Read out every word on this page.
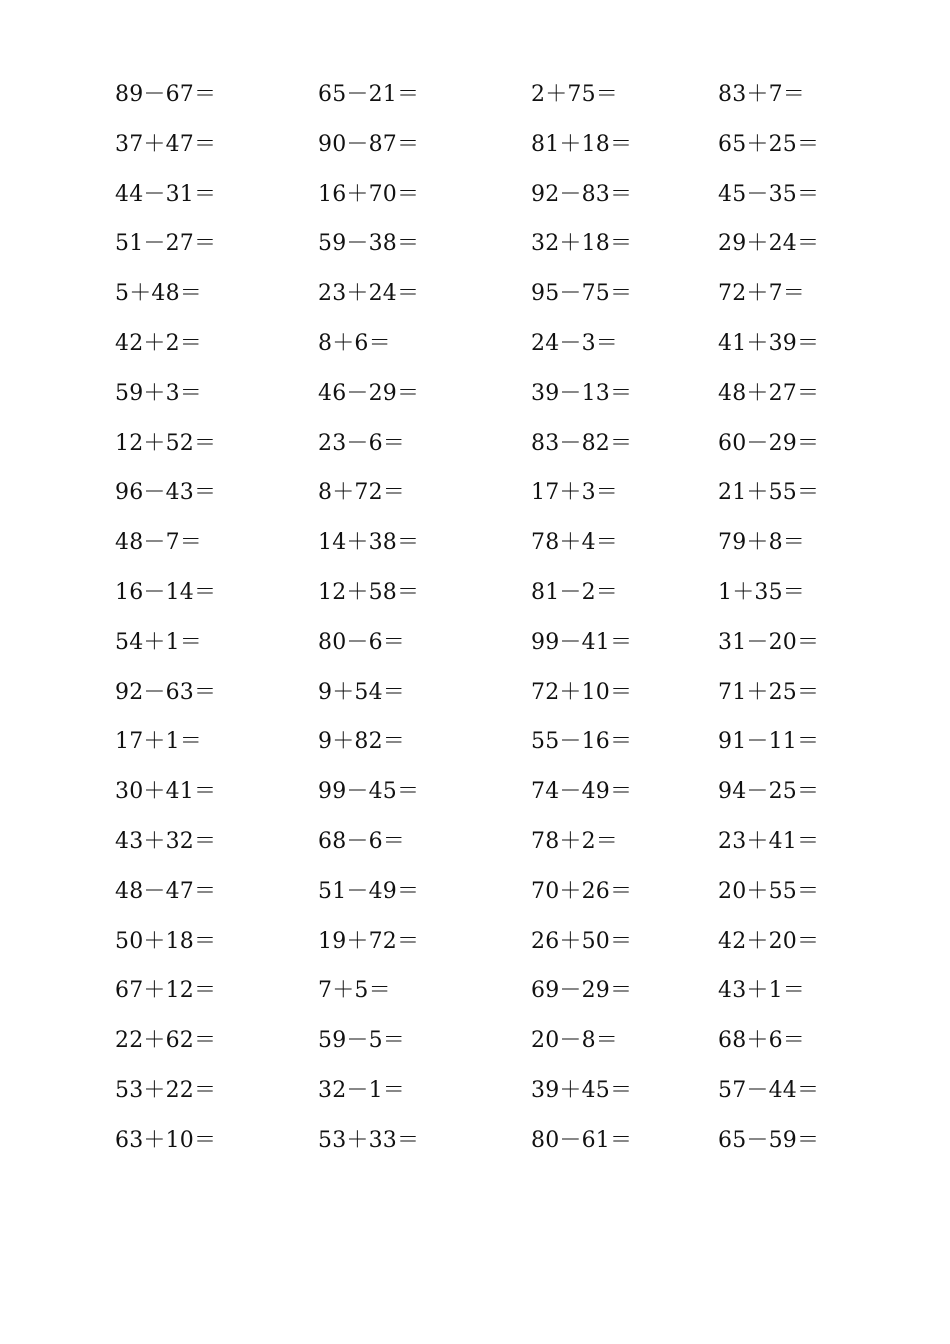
89－67＝	65－21＝	2＋75＝	83＋7＝
37＋47＝	90－87＝	81＋18＝	65＋25＝
44－31＝	16＋70＝	92－83＝	45－35＝
51－27＝	59－38＝	32＋18＝	29＋24＝
5＋48＝	23＋24＝	95－75＝	72＋7＝
42＋2＝	8＋6＝	24－3＝	41＋39＝
59＋3＝	46－29＝	39－13＝	48＋27＝
12＋52＝	23－6＝	83－82＝	60－29＝
96－43＝	8＋72＝	17＋3＝	21＋55＝
48－7＝	14＋38＝	78＋4＝	79＋8＝
16－14＝	12＋58＝	81－2＝	1＋35＝
54＋1＝	80－6＝	99－41＝	31－20＝
92－63＝	9＋54＝	72＋10＝	71＋25＝
17＋1＝	9＋82＝	55－16＝	91－11＝
30＋41＝	99－45＝	74－49＝	94－25＝
43＋32＝	68－6＝	78＋2＝	23＋41＝
48－47＝	51－49＝	70＋26＝	20＋55＝
50＋18＝	19＋72＝	26＋50＝	42＋20＝
67＋12＝	7＋5＝	69－29＝	43＋1＝
22＋62＝	59－5＝	20－8＝	68＋6＝
53＋22＝	32－1＝	39＋45＝	57－44＝
63＋10＝	53＋33＝	80－61＝	65－59＝
